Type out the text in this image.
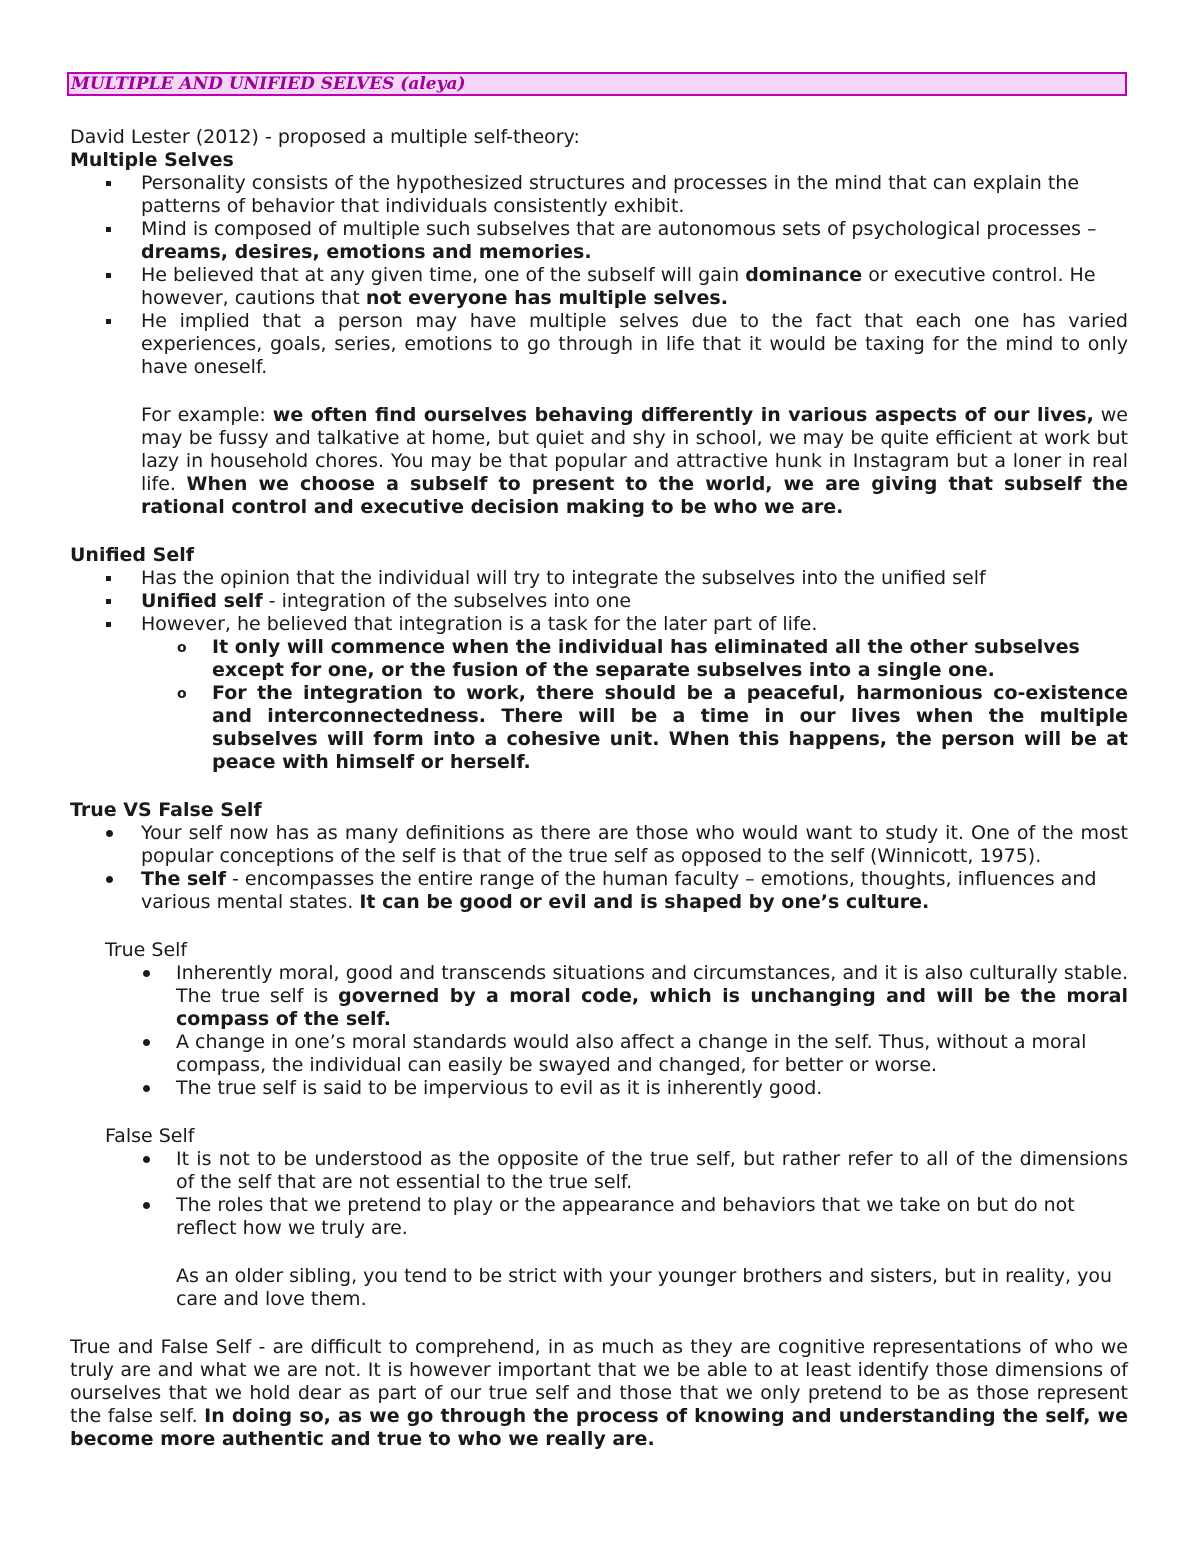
MULTIPLE AND UNIFIED SELVES (aleya)

David Lester (2012) - proposed a multiple self-theory:

Multiple Selves

Personality consists of the hypothesized structures and processes in the mind that can explain the patterns of behavior that individuals consistently exhibit.
Mind is composed of multiple such subselves that are autonomous sets of psychological processes – dreams, desires, emotions and memories.
He believed that at any given time, one of the subself will gain dominance or executive control. He however, cautions that not everyone has multiple selves.
He implied that a person may have multiple selves due to the fact that each one has varied experiences, goals, series, emotions to go through in life that it would be taxing for the mind to only have oneself.

For example: we often find ourselves behaving differently in various aspects of our lives, we may be fussy and talkative at home, but quiet and shy in school, we may be quite efficient at work but lazy in household chores. You may be that popular and attractive hunk in Instagram but a loner in real life. When we choose a subself to present to the world, we are giving that subself the rational control and executive decision making to be who we are.

Unified Self

Has the opinion that the individual will try to integrate the subselves into the unified self
Unified self - integration of the subselves into one
However, he believed that integration is a task for the later part of life.
o It only will commence when the individual has eliminated all the other subselves except for one, or the fusion of the separate subselves into a single one.
o For the integration to work, there should be a peaceful, harmonious co-existence and interconnectedness. There will be a time in our lives when the multiple subselves will form into a cohesive unit. When this happens, the person will be at peace with himself or herself.

True VS False Self

Your self now has as many definitions as there are those who would want to study it. One of the most popular conceptions of the self is that of the true self as opposed to the self (Winnicott, 1975).
The self - encompasses the entire range of the human faculty – emotions, thoughts, influences and various mental states. It can be good or evil and is shaped by one’s culture.

True Self

Inherently moral, good and transcends situations and circumstances, and it is also culturally stable. The true self is governed by a moral code, which is unchanging and will be the moral compass of the self.
A change in one’s moral standards would also affect a change in the self. Thus, without a moral compass, the individual can easily be swayed and changed, for better or worse.
The true self is said to be impervious to evil as it is inherently good.

False Self

It is not to be understood as the opposite of the true self, but rather refer to all of the dimensions of the self that are not essential to the true self.
The roles that we pretend to play or the appearance and behaviors that we take on but do not reflect how we truly are.

As an older sibling, you tend to be strict with your younger brothers and sisters, but in reality, you care and love them.

True and False Self - are difficult to comprehend, in as much as they are cognitive representations of who we truly are and what we are not. It is however important that we be able to at least identify those dimensions of ourselves that we hold dear as part of our true self and those that we only pretend to be as those represent the false self. In doing so, as we go through the process of knowing and understanding the self, we become more authentic and true to who we really are.
